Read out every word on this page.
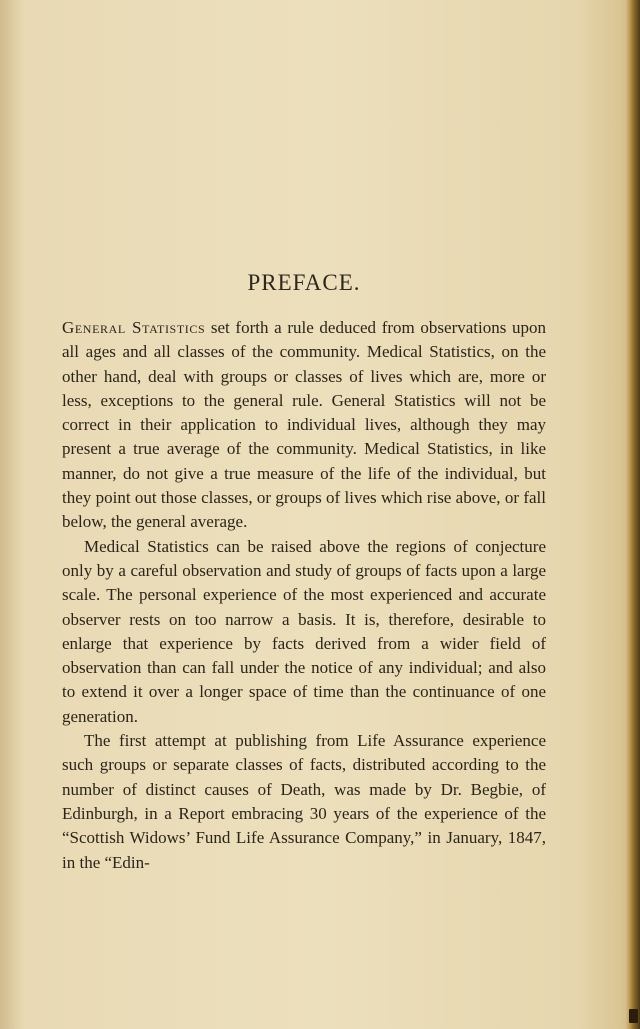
PREFACE.

General Statistics set forth a rule deduced from observations upon all ages and all classes of the community. Medical Statistics, on the other hand, deal with groups or classes of lives which are, more or less, exceptions to the general rule. General Statistics will not be correct in their application to individual lives, although they may present a true average of the community. Medical Statistics, in like manner, do not give a true measure of the life of the individual, but they point out those classes, or groups of lives which rise above, or fall below, the general average.

Medical Statistics can be raised above the regions of conjecture only by a careful observation and study of groups of facts upon a large scale. The personal experience of the most experienced and accurate observer rests on too narrow a basis. It is, therefore, desirable to enlarge that experience by facts derived from a wider field of observation than can fall under the notice of any individual; and also to extend it over a longer space of time than the continuance of one generation.

The first attempt at publishing from Life Assurance experience such groups or separate classes of facts, distributed according to the number of distinct causes of Death, was made by Dr. Begbie, of Edinburgh, in a Report embracing 30 years of the experience of the “Scottish Widows’ Fund Life Assurance Company,” in January, 1847, in the “Edin-
